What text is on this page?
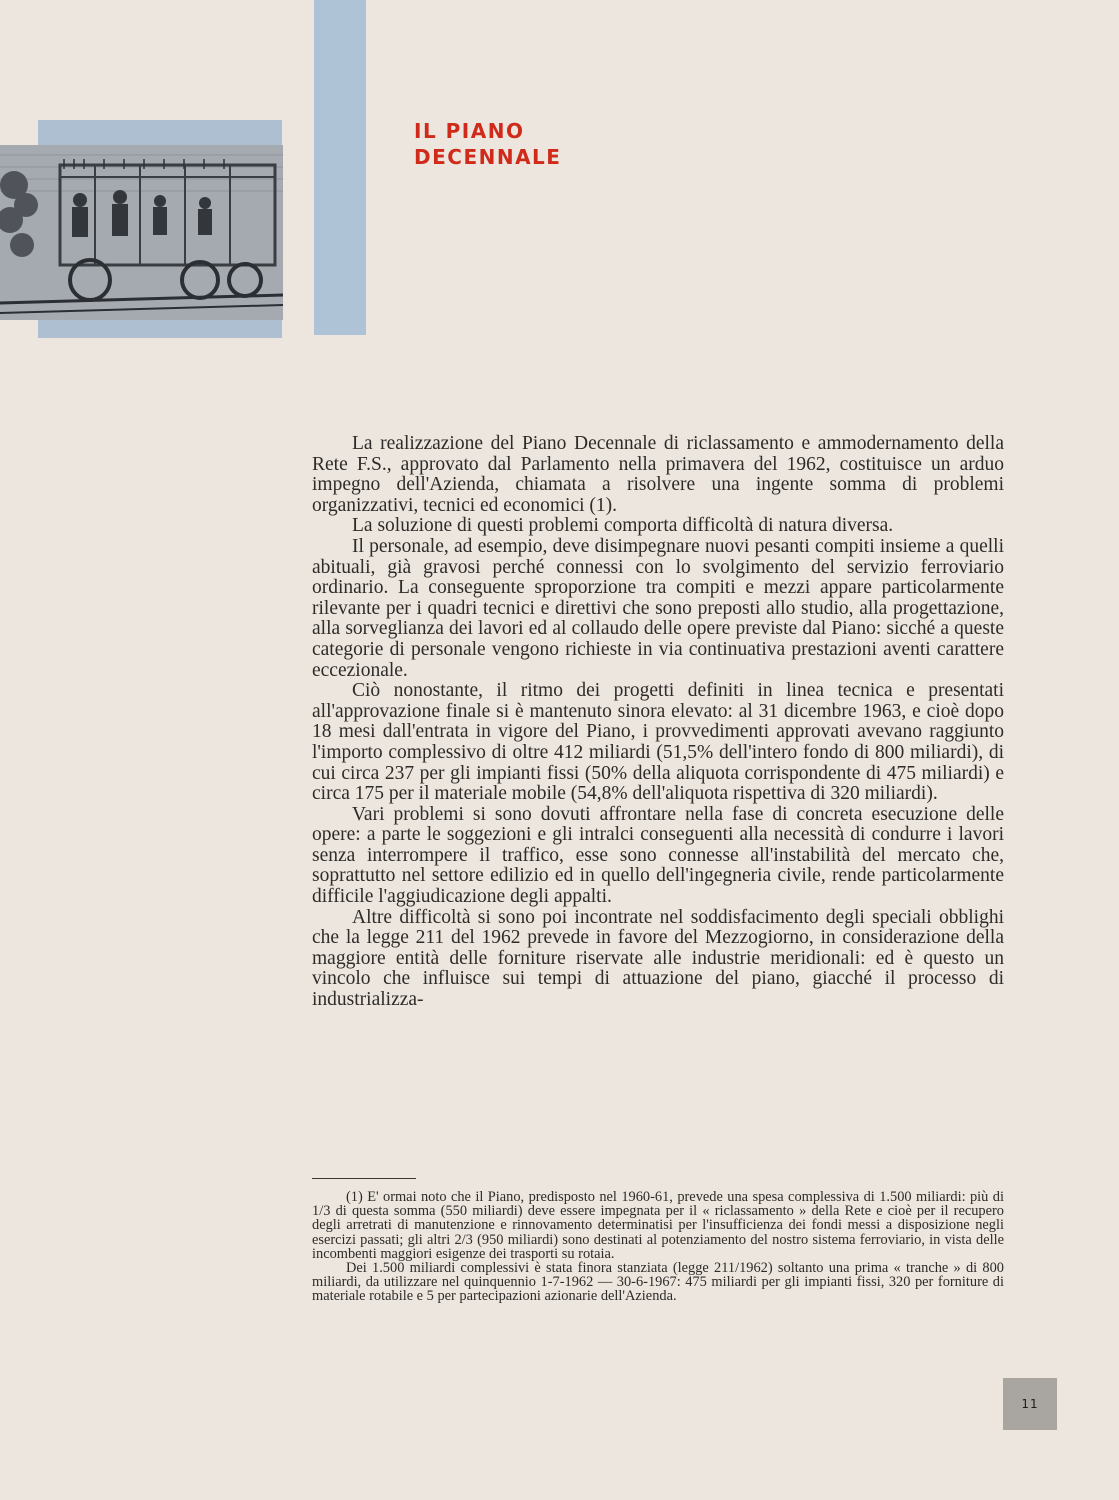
IL PIANO
DECENNALE

La realizzazione del Piano Decennale di riclassamento e ammodernamento della Rete F.S., approvato dal Parlamento nella primavera del 1962, costituisce un arduo impegno dell'Azienda, chiamata a risolvere una ingente somma di problemi organizzativi, tecnici ed economici (1).

La soluzione di questi problemi comporta difficoltà di natura diversa.

Il personale, ad esempio, deve disimpegnare nuovi pesanti compiti insieme a quelli abituali, già gravosi perché connessi con lo svolgimento del servizio ferroviario ordinario. La conseguente sproporzione tra compiti e mezzi appare particolarmente rilevante per i quadri tecnici e direttivi che sono preposti allo studio, alla progettazione, alla sorveglianza dei lavori ed al collaudo delle opere previste dal Piano: sicché a queste categorie di personale vengono richieste in via continuativa prestazioni aventi carattere eccezionale.

Ciò nonostante, il ritmo dei progetti definiti in linea tecnica e presentati all'approvazione finale si è mantenuto sinora elevato: al 31 dicembre 1963, e cioè dopo 18 mesi dall'entrata in vigore del Piano, i provvedimenti approvati avevano raggiunto l'importo complessivo di oltre 412 miliardi (51,5% dell'intero fondo di 800 miliardi), di cui circa 237 per gli impianti fissi (50% della aliquota corrispondente di 475 miliardi) e circa 175 per il materiale mobile (54,8% dell'aliquota rispettiva di 320 miliardi).

Vari problemi si sono dovuti affrontare nella fase di concreta esecuzione delle opere: a parte le soggezioni e gli intralci conseguenti alla necessità di condurre i lavori senza interrompere il traffico, esse sono connesse all'instabilità del mercato che, soprattutto nel settore edilizio ed in quello dell'ingegneria civile, rende particolarmente difficile l'aggiudicazione degli appalti.

Altre difficoltà si sono poi incontrate nel soddisfacimento degli speciali obblighi che la legge 211 del 1962 prevede in favore del Mezzogiorno, in considerazione della maggiore entità delle forniture riservate alle industrie meridionali: ed è questo un vincolo che influisce sui tempi di attuazione del piano, giacché il processo di industrializza-

(1) E' ormai noto che il Piano, predisposto nel 1960-61, prevede una spesa complessiva di 1.500 miliardi: più di 1/3 di questa somma (550 miliardi) deve essere impegnata per il « riclassamento » della Rete e cioè per il recupero degli arretrati di manutenzione e rinnovamento determinatisi per l'insufficienza dei fondi messi a disposizione negli esercizi passati; gli altri 2/3 (950 miliardi) sono destinati al potenziamento del nostro sistema ferroviario, in vista delle incombenti maggiori esigenze dei trasporti su rotaia.

Dei 1.500 miliardi complessivi è stata finora stanziata (legge 211/1962) soltanto una prima « tranche » di 800 miliardi, da utilizzare nel quinquennio 1-7-1962 — 30-6-1967: 475 miliardi per gli impianti fissi, 320 per forniture di materiale rotabile e 5 per partecipazioni azionarie dell'Azienda.

11
